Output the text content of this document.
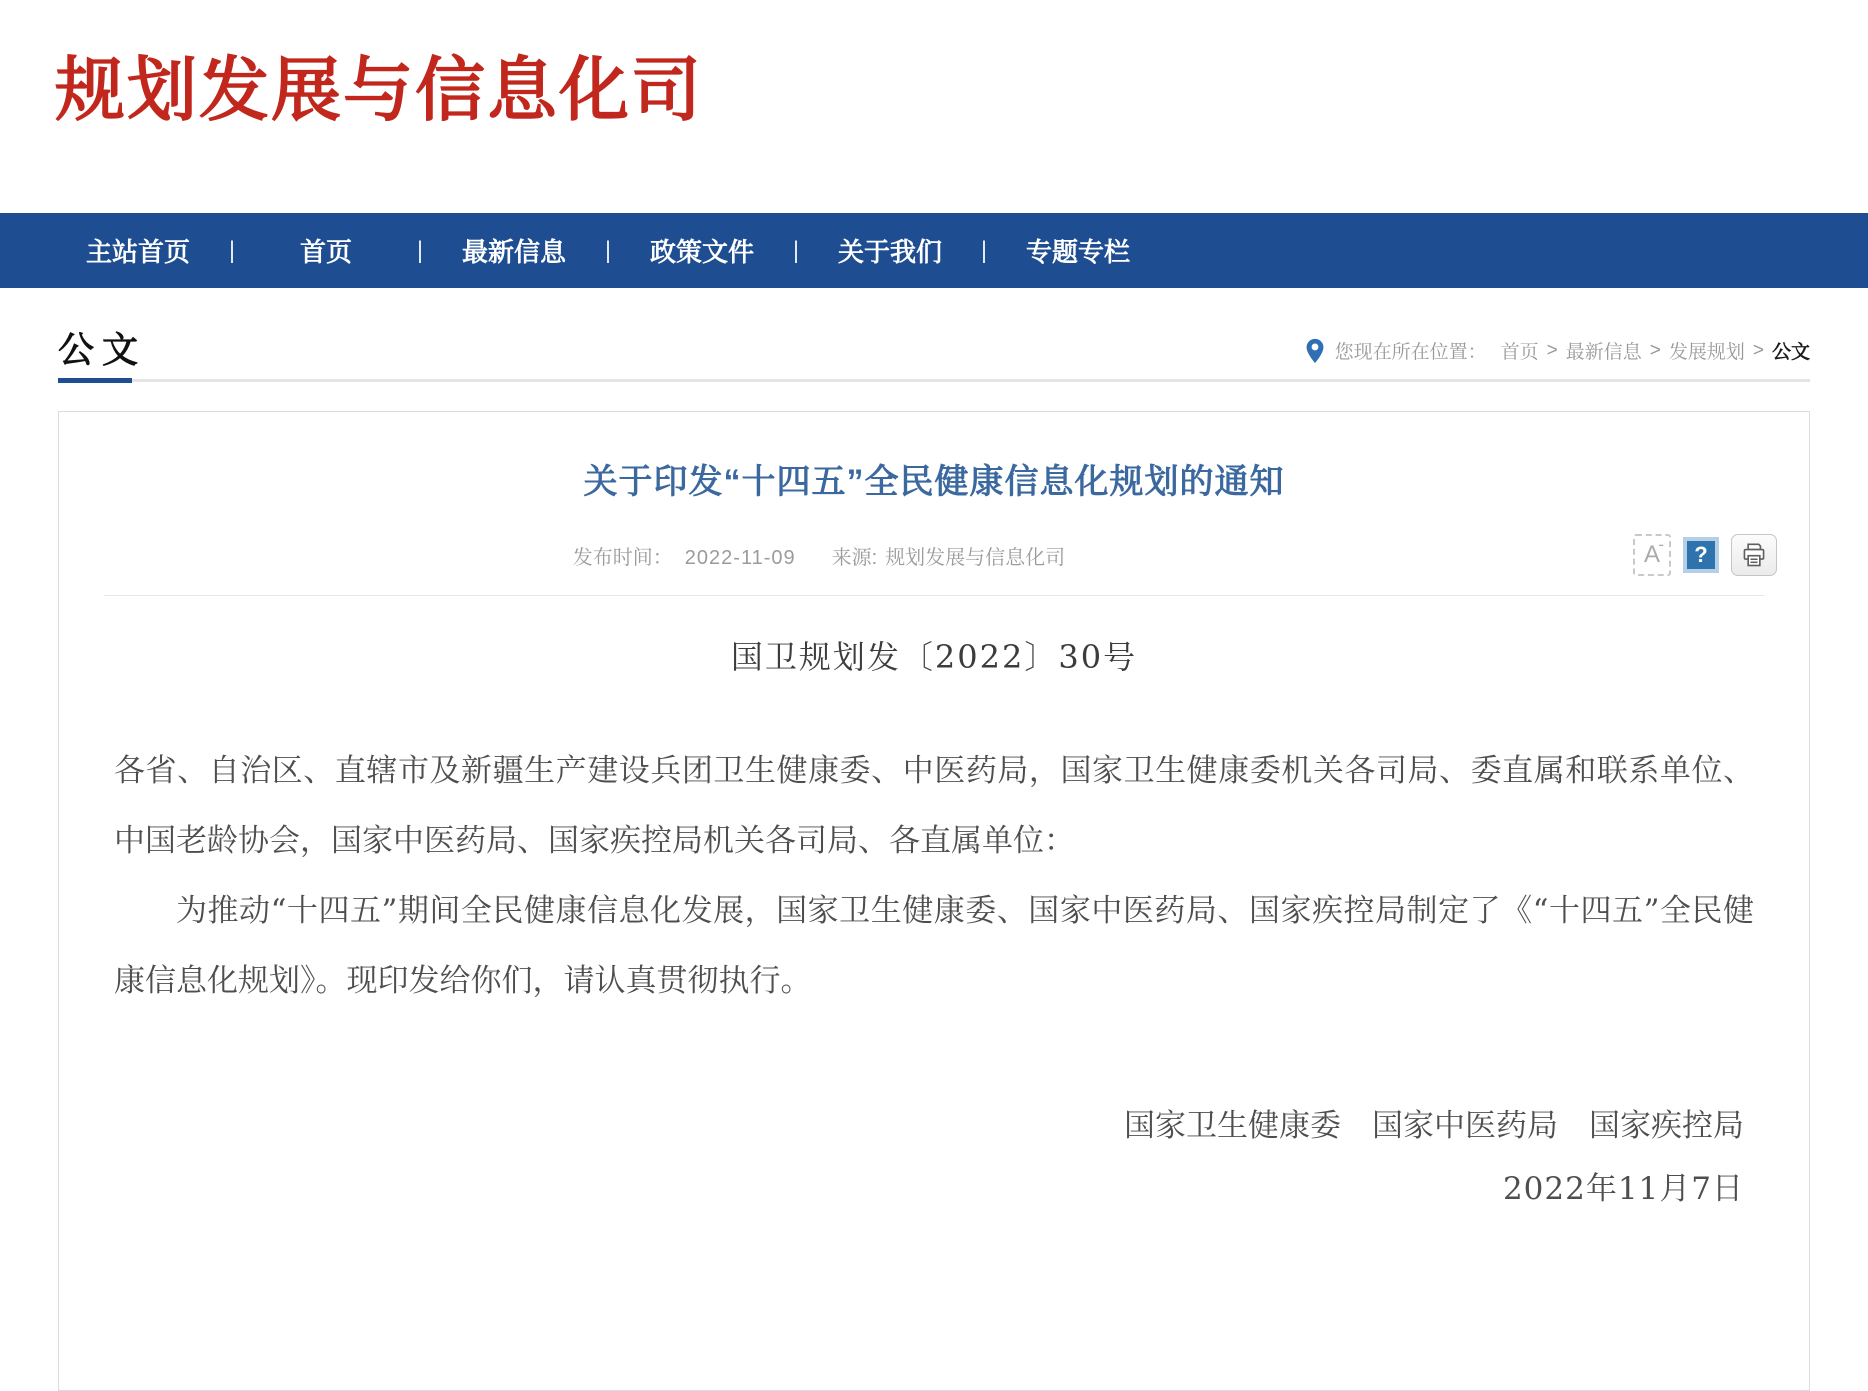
规划发展与信息化司
主站首页	|	首页	|	最新信息	|	政策文件	|	关于我们	|	专题专栏
公文	您现在所在位置： 首页 > 最新信息 > 发展规划 > 公文
关于印发“十四五”全民健康信息化规划的通知
发布时间： 2022-11-09 来源: 规划发展与信息化司	A
- ?
国卫规划发〔2022〕30号

各省、自治区、直辖市及新疆生产建设兵团卫生健康委、中医药局，国家卫生健康委机关各司局、委直属和联系单位、中国老龄协会，国家中医药局、国家疾控局机关各司局、各直属单位：

为推动“十四五”期间全民健康信息化发展，国家卫生健康委、国家中医药局、国家疾控局制定了《“十四五”全民健康信息化规划》。现印发给你们，请认真贯彻执行。

国家卫生健康委　国家中医药局　国家疾控局
2022年11月7日
